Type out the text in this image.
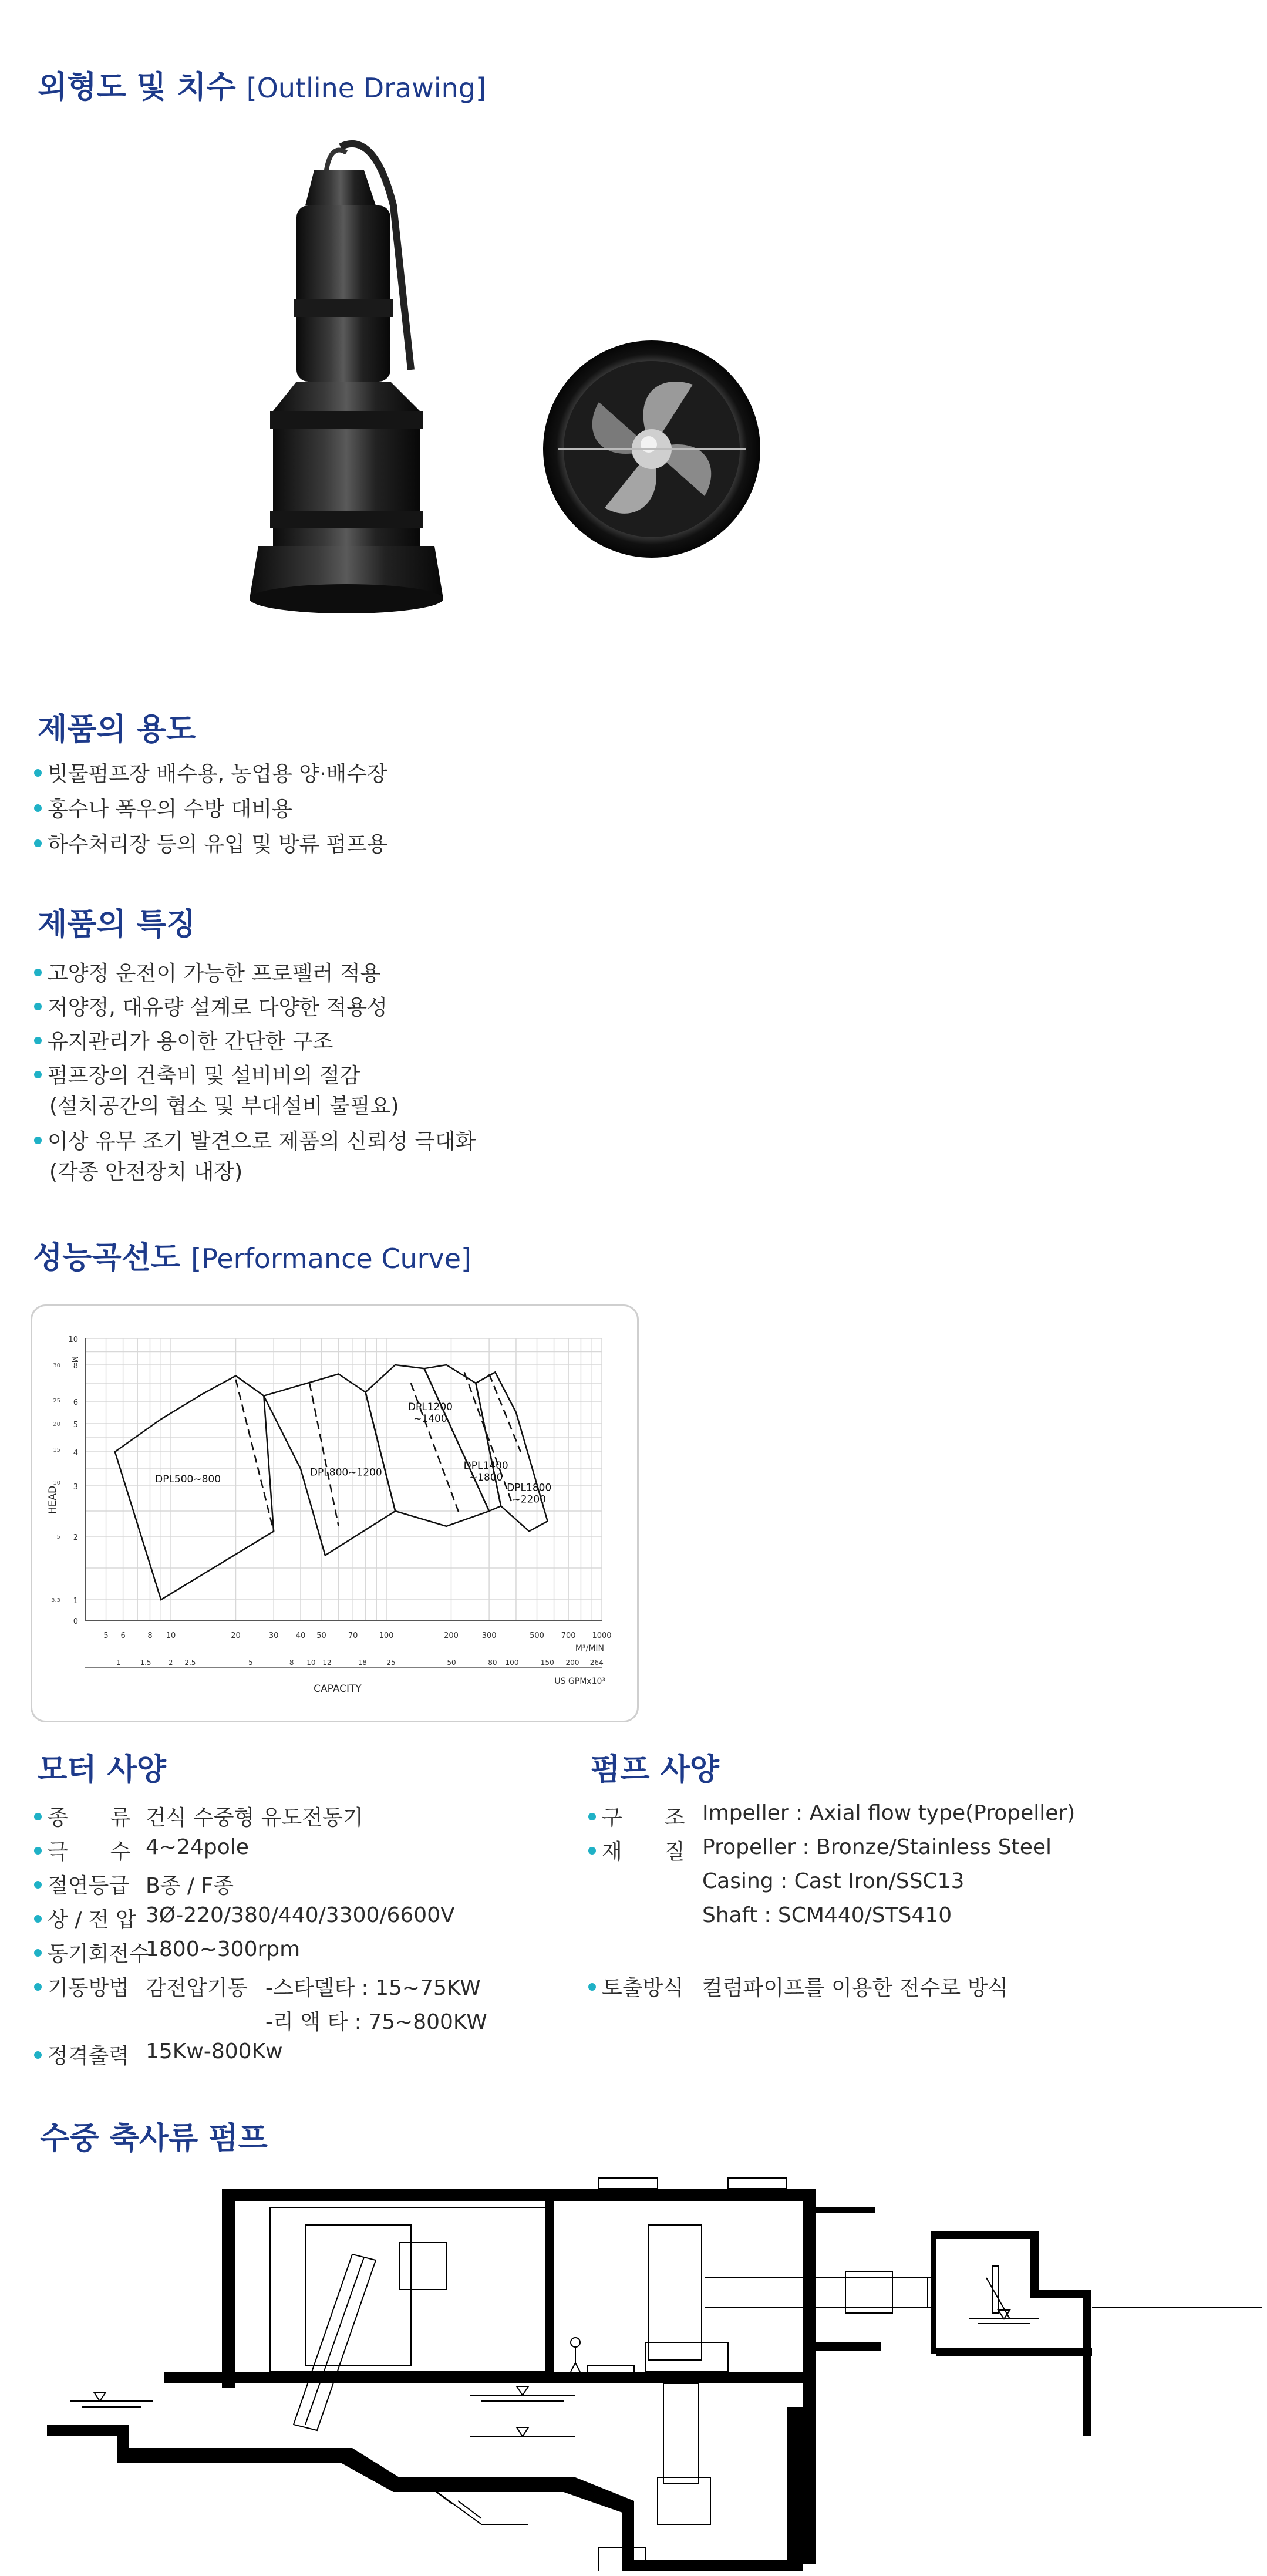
외형도 및 치수 [Outline Drawing]
제품의 용도
빗물펌프장 배수용, 농업용 양·배수장
홍수나 폭우의 수방 대비용
하수처리장 등의 유입 및 방류 펌프용
제품의 특징
고양정 운전이 가능한 프로펠러 적용
저양정, 대유량 설계로 다양한 적용성
유지관리가 용이한 간단한 구조
펌프장의 건축비 및 설비비의 절감
(설치공간의 협소 및 부대설비 불필요)
이상 유무 조기 발견으로 제품의 신뢰성 극대화
(각종 안전장치 내장)
성능곡선도 [Performance Curve]
0
1
2
3
4
5
6
8
10
3.3
5
10
15
20
25
30
M
HEAD
5 6	8 10	20	30 40 50	70	100	200	300	500 700 1000
M³/MIN
1	1.5 2 2.5	5	8 10 12	18	25	50	80 100	150 200 264
US GPMx10³
CAPACITY
DPL500~800
DPL800~1200
DPL1200
~1400
DPL1400
~1800
DPL1800
~2200
모터 사양
종　　류 건식 수중형 유도전동기
극　　수 4~24pole
절연등급 B종 / F종
상 / 전 압 3Ø-220/380/440/3300/6600V
동기회전수
1800~300rpm
기동방법 감전압기동 -스타델타 : 15~75KW
-리 액 타 : 75~800KW
정격출력 15Kw-800Kw
펌프 사양
구　　조 Impeller : Axial flow type(Propeller)
재　　질 Propeller : Bronze/Stainless Steel
Casing : Cast Iron/SSC13
Shaft : SCM440/STS410
토출방식 컬럼파이프를 이용한 전수로 방식
수중 축사류 펌프
